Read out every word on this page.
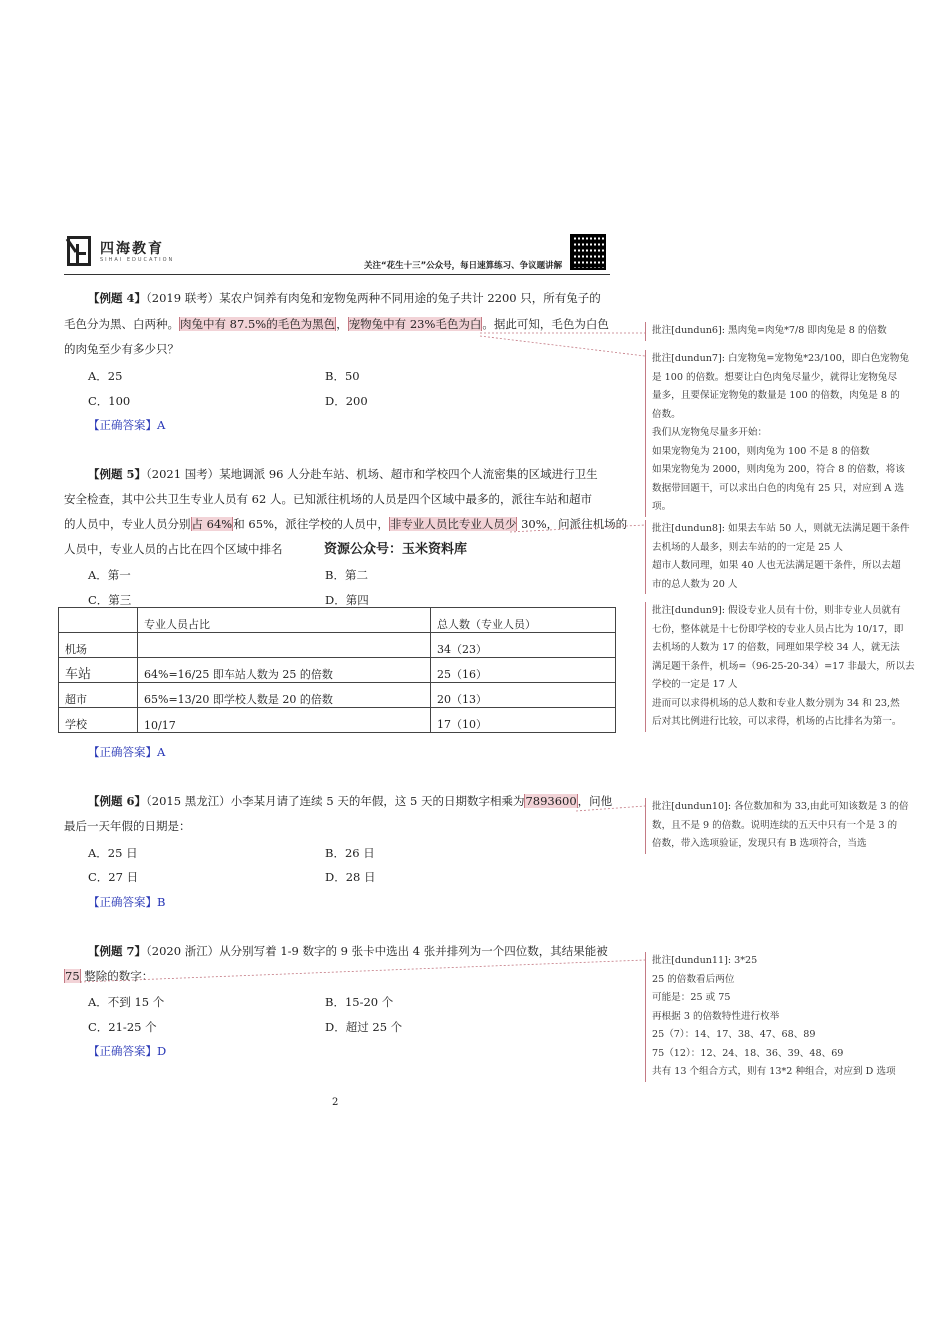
四海教育
SIHAI EDUCATION
关注“花生十三”公众号，每日速算练习、争议题讲解
【例题 4】（2019 联考）某农户饲养有肉兔和宠物兔两种不同用途的兔子共计 2200 只，所有兔子的
毛色分为黑、白两种。肉兔中有 87.5%的毛色为黑色，宠物兔中有 23%毛色为白。据此可知，毛色为白色
的肉兔至少有多少只？
A．25	B．50
C．100	D．200
【正确答案】A
【例题 5】（2021 国考）某地调派 96 人分赴车站、机场、超市和学校四个人流密集的区域进行卫生
安全检查，其中公共卫生专业人员有 62 人。已知派往机场的人员是四个区域中最多的，派往车站和超市
的人员中，专业人员分别占 64%和 65%，派往学校的人员中，非专业人员比专业人员少 30%，问派往机场的
人员中，专业人员的占比在四个区域中排名	资源公众号：玉米资料库
A．第一	B．第二
C．第三	D．第四
	专业人员占比	总人数（专业人员）
机场		34（23）
车站	64%=16/25 即车站人数为 25 的倍数	25（16）
超市	65%=13/20 即学校人数是 20 的倍数	20（13）
学校	10/17	17（10）
【正确答案】A
【例题 6】（2015 黑龙江）小李某月请了连续 5 天的年假，这 5 天的日期数字相乘为7893600，问他
最后一天年假的日期是：
A．25 日	B．26 日
C．27 日	D．28 日
【正确答案】B
【例题 7】（2020 浙江）从分别写着 1-9 数字的 9 张卡中选出 4 张并排列为一个四位数，其结果能被
75 整除的数字：
A．不到 15 个	B．15-20 个
C．21-25 个	D．超过 25 个
【正确答案】D
2
批注[dundun6]: 黑肉兔=肉兔*7/8 即肉兔是 8 的倍数
批注[dundun7]: 白宠物兔=宠物兔*23/100，即白色宠物兔
是 100 的倍数。想要让白色肉兔尽量少，就得让宠物兔尽
量多，且要保证宠物兔的数量是 100 的倍数，肉兔是 8 的
倍数。
我们从宠物兔尽量多开始：
如果宠物兔为 2100，则肉兔为 100 不是 8 的倍数
如果宠物兔为 2000，则肉兔为 200，符合 8 的倍数，将该
数据带回题干，可以求出白色的肉兔有 25 只，对应到 A 选
项。
批注[dundun8]: 如果去车站 50 人，则就无法满足题干条件
去机场的人最多，则去车站的的一定是 25 人
超市人数同理，如果 40 人也无法满足题干条件，所以去超
市的总人数为 20 人
批注[dundun9]: 假设专业人员有十份，则非专业人员就有
七份，整体就是十七份即学校的专业人员占比为 10/17，即
去机场的人数为 17 的倍数，同理如果学校 34 人，就无法
满足题干条件，机场=（96-25-20-34）=17 非最大，所以去
学校的一定是 17 人
进而可以求得机场的总人数和专业人数分别为 34 和 23,然
后对其比例进行比较，可以求得，机场的占比排名为第一。
批注[dundun10]: 各位数加和为 33,由此可知该数是 3 的倍
数，且不是 9 的倍数。说明连续的五天中只有一个是 3 的
倍数，带入选项验证，发现只有 B 选项符合，当选
批注[dundun11]: 3*25
25 的倍数看后两位
可能是：25 或 75
再根据 3 的倍数特性进行枚举
25（7）：14、17、38、47、68、89
75（12）：12、24、18、36、39、48、69
共有 13 个组合方式，则有 13*2 种组合，对应到 D 选项
